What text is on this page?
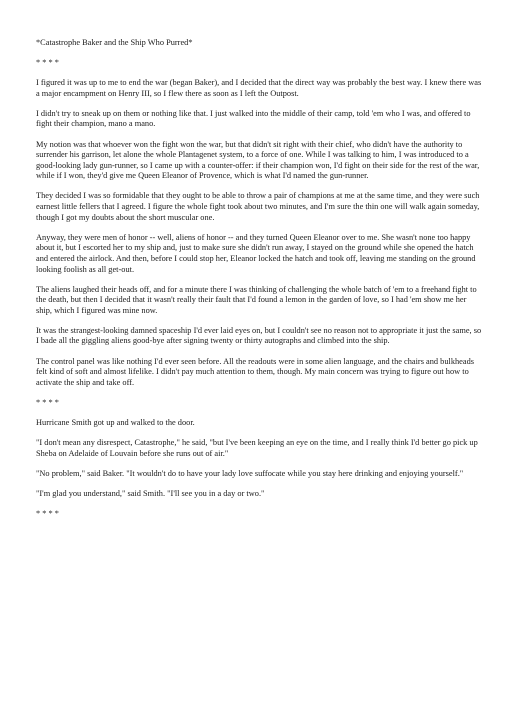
*Catastrophe Baker and the Ship Who Purred*

* * * *

I figured it was up to me to end the war (began Baker), and I decided that the direct way was probably the best way. I knew there was a major encampment on Henry III, so I flew there as soon as I left the Outpost.

I didn't try to sneak up on them or nothing like that. I just walked into the middle of their camp, told 'em who I was, and offered to fight their champion, mano a mano.

My notion was that whoever won the fight won the war, but that didn't sit right with their chief, who didn't have the authority to surrender his garrison, let alone the whole Plantagenet system, to a force of one. While I was talking to him, I was introduced to a good-looking lady gun-runner, so I came up with a counter-offer: if their champion won, I'd fight on their side for the rest of the war, while if I won, they'd give me Queen Eleanor of Provence, which is what I'd named the gun-runner.

They decided I was so formidable that they ought to be able to throw a pair of champions at me at the same time, and they were such earnest little fellers that I agreed. I figure the whole fight took about two minutes, and I'm sure the thin one will walk again someday, though I got my doubts about the short muscular one.

Anyway, they were men of honor -- well, aliens of honor -- and they turned Queen Eleanor over to me. She wasn't none too happy about it, but I escorted her to my ship and, just to make sure she didn't run away, I stayed on the ground while she opened the hatch and entered the airlock. And then, before I could stop her, Eleanor locked the hatch and took off, leaving me standing on the ground looking foolish as all get-out.

The aliens laughed their heads off, and for a minute there I was thinking of challenging the whole batch of 'em to a freehand fight to the death, but then I decided that it wasn't really their fault that I'd found a lemon in the garden of love, so I had 'em show me her ship, which I figured was mine now.

It was the strangest-looking damned spaceship I'd ever laid eyes on, but I couldn't see no reason not to appropriate it just the same, so I bade all the giggling aliens good-bye after signing twenty or thirty autographs and climbed into the ship.

The control panel was like nothing I'd ever seen before. All the readouts were in some alien language, and the chairs and bulkheads felt kind of soft and almost lifelike. I didn't pay much attention to them, though. My main concern was trying to figure out how to activate the ship and take off.

* * * *

Hurricane Smith got up and walked to the door.

"I don't mean any disrespect, Catastrophe," he said, "but I've been keeping an eye on the time, and I really think I'd better go pick up Sheba on Adelaide of Louvain before she runs out of air."

"No problem," said Baker. "It wouldn't do to have your lady love suffocate while you stay here drinking and enjoying yourself."

"I'm glad you understand," said Smith. "I'll see you in a day or two."

* * * *
